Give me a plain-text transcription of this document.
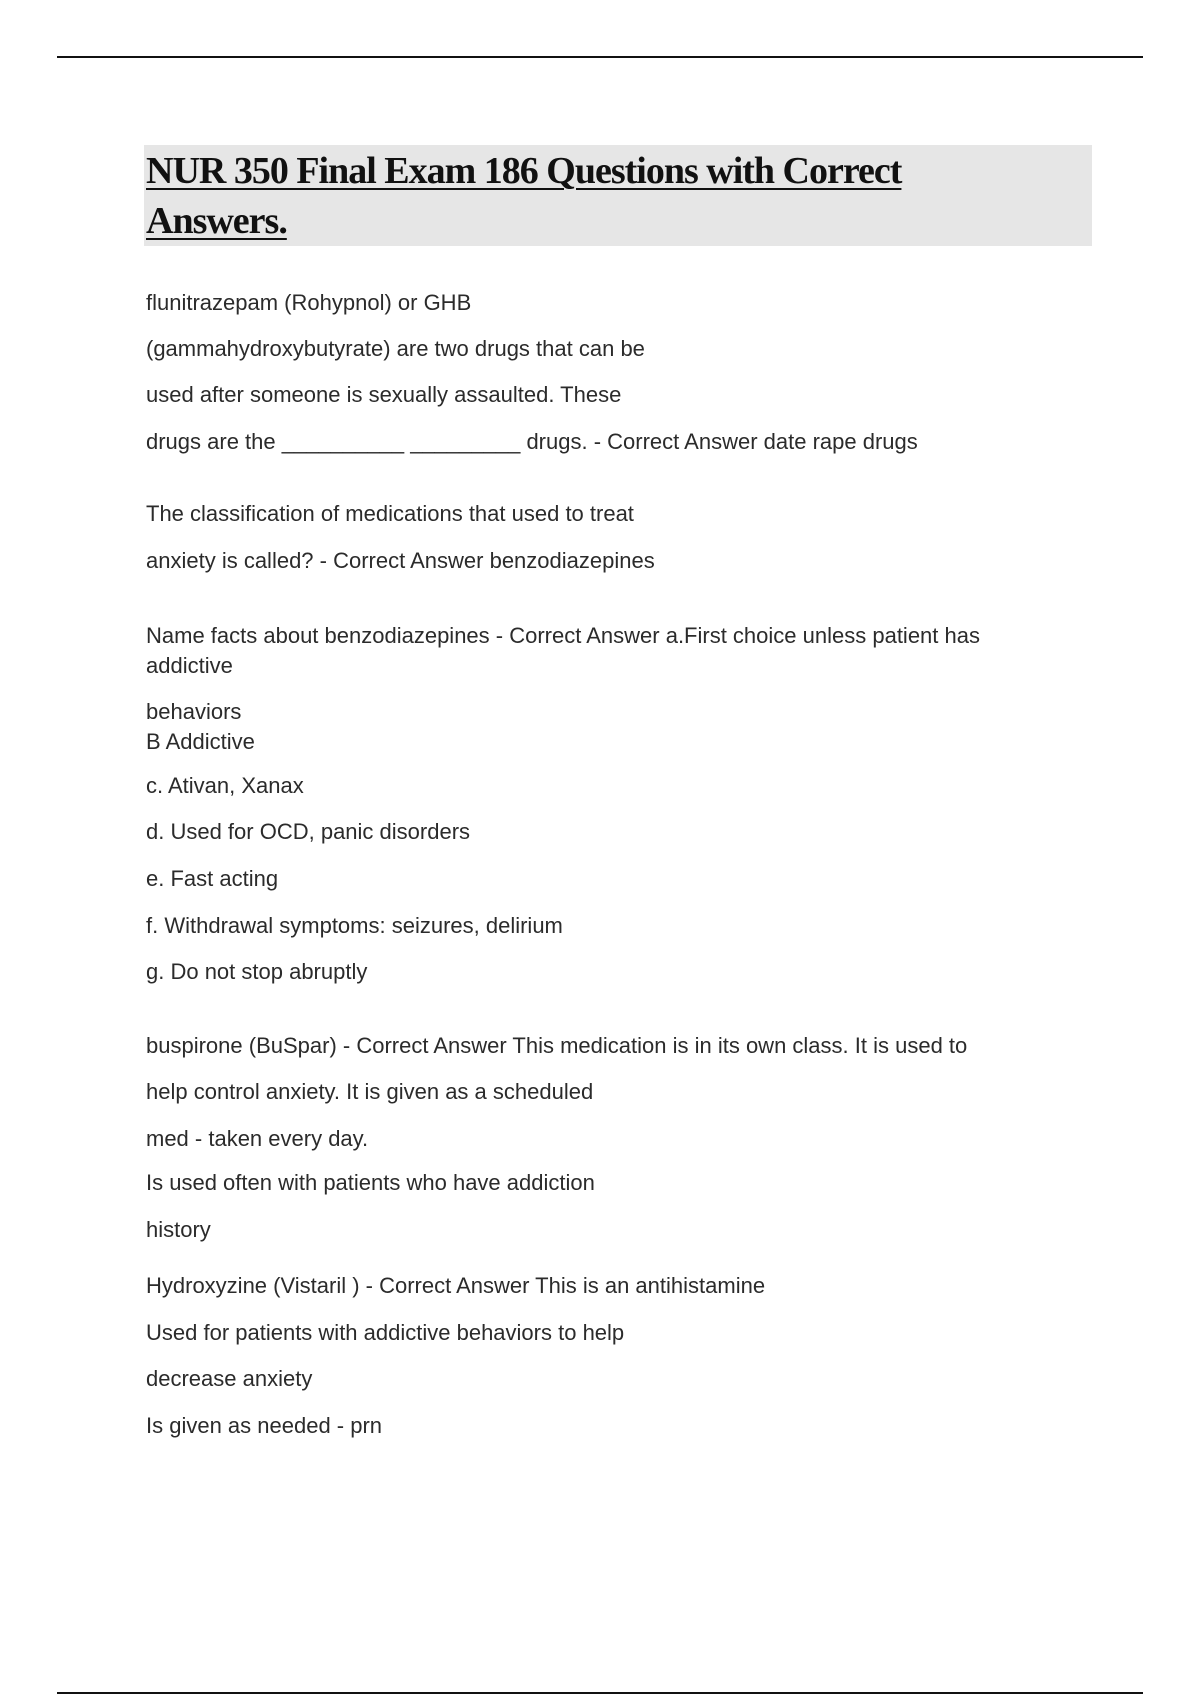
NUR 350 Final Exam 186 Questions with Correct
Answers.

flunitrazepam (Rohypnol) or GHB

(gammahydroxybutyrate) are two drugs that can be

used after someone is sexually assaulted. These

drugs are the __________ _________ drugs. - Correct Answer date rape drugs

The classification of medications that used to treat

anxiety is called? - Correct Answer benzodiazepines

Name facts about benzodiazepines - Correct Answer a.First choice unless patient has

addictive

behaviors

B Addictive

c. Ativan, Xanax

d. Used for OCD, panic disorders

e. Fast acting

f. Withdrawal symptoms: seizures, delirium

g. Do not stop abruptly

buspirone (BuSpar) - Correct Answer This medication is in its own class. It is used to

help control anxiety. It is given as a scheduled

med - taken every day.

Is used often with patients who have addiction

history

Hydroxyzine (Vistaril ) - Correct Answer This is an antihistamine

Used for patients with addictive behaviors to help

decrease anxiety

Is given as needed - prn
